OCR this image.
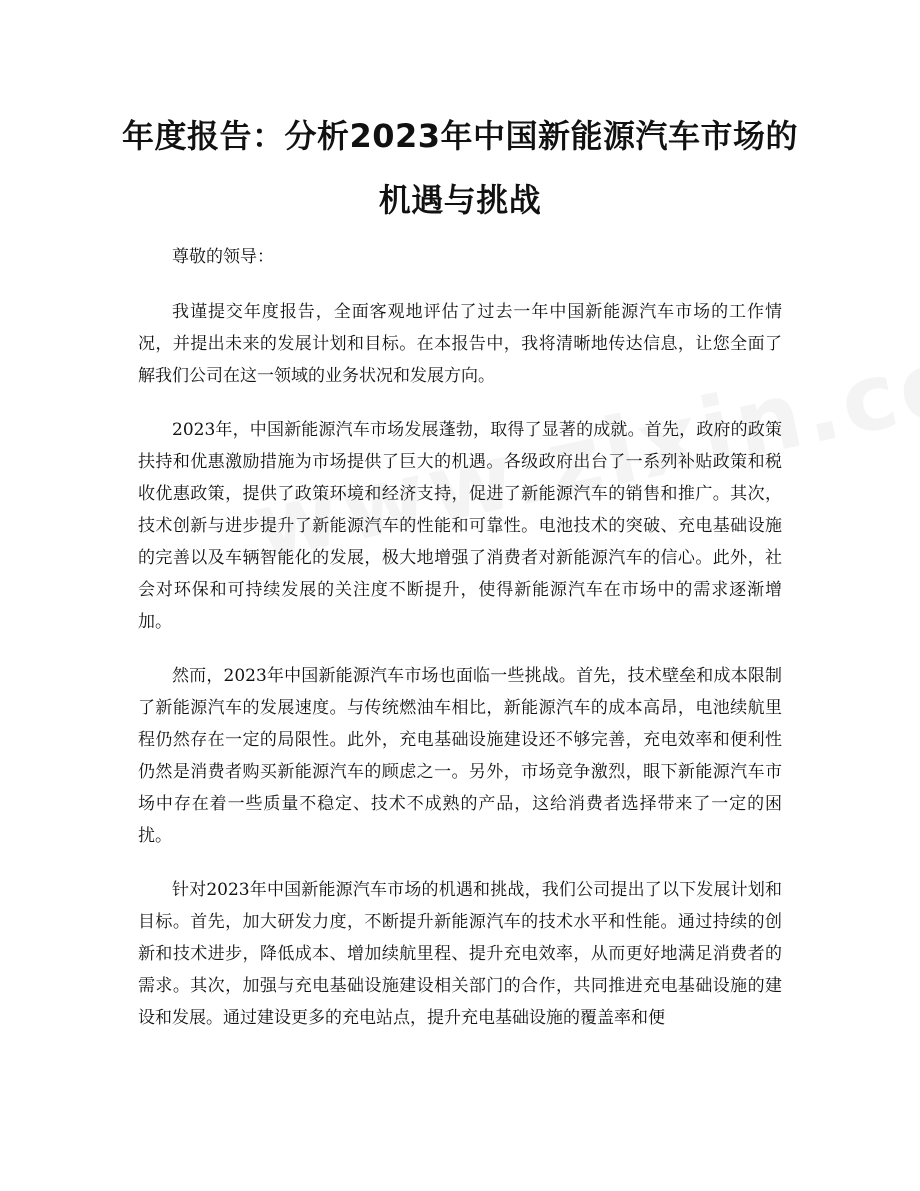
年度报告：分析2023年中国新能源汽车市场的机遇与挑战

尊敬的领导：

我谨提交年度报告，全面客观地评估了过去一年中国新能源汽车市场的工作情况，并提出未来的发展计划和目标。在本报告中，我将清晰地传达信息，让您全面了解我们公司在这一领域的业务状况和发展方向。

2023年，中国新能源汽车市场发展蓬勃，取得了显著的成就。首先，政府的政策扶持和优惠激励措施为市场提供了巨大的机遇。各级政府出台了一系列补贴政策和税收优惠政策，提供了政策环境和经济支持，促进了新能源汽车的销售和推广。其次，技术创新与进步提升了新能源汽车的性能和可靠性。电池技术的突破、充电基础设施的完善以及车辆智能化的发展，极大地增强了消费者对新能源汽车的信心。此外，社会对环保和可持续发展的关注度不断提升，使得新能源汽车在市场中的需求逐渐增加。

然而，2023年中国新能源汽车市场也面临一些挑战。首先，技术壁垒和成本限制了新能源汽车的发展速度。与传统燃油车相比，新能源汽车的成本高昂，电池续航里程仍然存在一定的局限性。此外，充电基础设施建设还不够完善，充电效率和便利性仍然是消费者购买新能源汽车的顾虑之一。另外，市场竞争激烈，眼下新能源汽车市场中存在着一些质量不稳定、技术不成熟的产品，这给消费者选择带来了一定的困扰。

针对2023年中国新能源汽车市场的机遇和挑战，我们公司提出了以下发展计划和目标。首先，加大研发力度，不断提升新能源汽车的技术水平和性能。通过持续的创新和技术进步，降低成本、增加续航里程、提升充电效率，从而更好地满足消费者的需求。其次，加强与充电基础设施建设相关部门的合作，共同推进充电基础设施的建设和发展。通过建设更多的充电站点，提升充电基础设施的覆盖率和便
